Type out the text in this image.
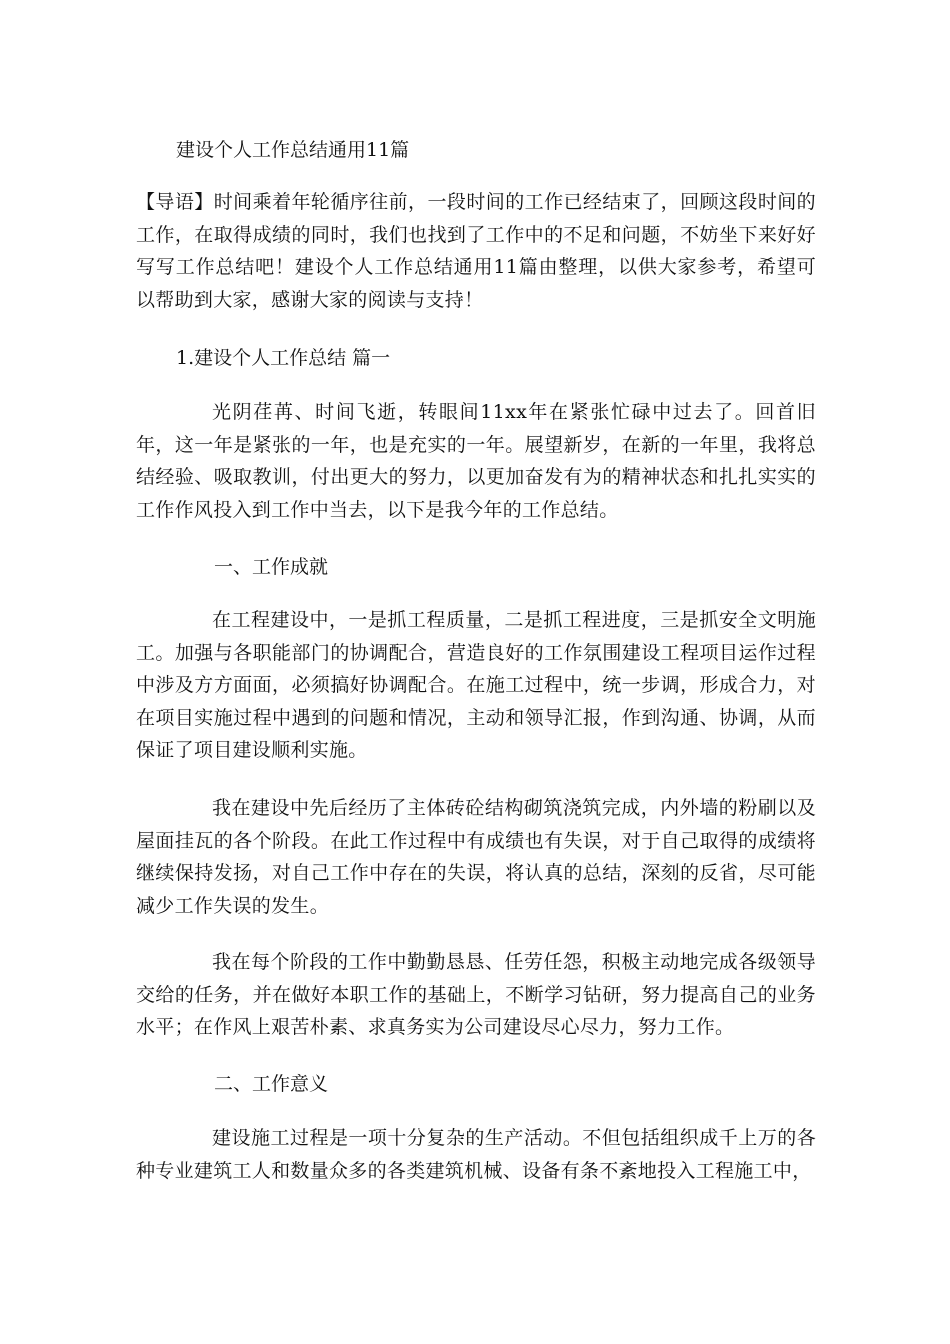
建设个人工作总结通用11篇

【导语】时间乘着年轮循序往前，一段时间的工作已经结束了，回顾这段时间的工作，在取得成绩的同时，我们也找到了工作中的不足和问题，不妨坐下来好好写写工作总结吧！建设个人工作总结通用11篇由整理，以供大家参考，希望可以帮助到大家，感谢大家的阅读与支持！

1.建设个人工作总结 篇一

光阴荏苒、时间飞逝，转眼间11xx年在紧张忙碌中过去了。回首旧年，这一年是紧张的一年，也是充实的一年。展望新岁，在新的一年里，我将总结经验、吸取教训，付出更大的努力，以更加奋发有为的精神状态和扎扎实实的工作作风投入到工作中当去，以下是我今年的工作总结。

一、工作成就

在工程建设中，一是抓工程质量，二是抓工程进度，三是抓安全文明施工。加强与各职能部门的协调配合，营造良好的工作氛围建设工程项目运作过程中涉及方方面面，必须搞好协调配合。在施工过程中，统一步调，形成合力，对在项目实施过程中遇到的问题和情况，主动和领导汇报，作到沟通、协调，从而保证了项目建设顺利实施。

我在建设中先后经历了主体砖砼结构砌筑浇筑完成，内外墙的粉刷以及屋面挂瓦的各个阶段。在此工作过程中有成绩也有失误，对于自己取得的成绩将继续保持发扬，对自己工作中存在的失误，将认真的总结，深刻的反省，尽可能减少工作失误的发生。

我在每个阶段的工作中勤勤恳恳、任劳任怨，积极主动地完成各级领导交给的任务，并在做好本职工作的基础上，不断学习钻研，努力提高自己的业务水平；在作风上艰苦朴素、求真务实为公司建设尽心尽力，努力工作。

二、工作意义

建设施工过程是一项十分复杂的生产活动。不但包括组织成千上万的各种专业建筑工人和数量众多的各类建筑机械、设备有条不紊地投入工程施工中，
